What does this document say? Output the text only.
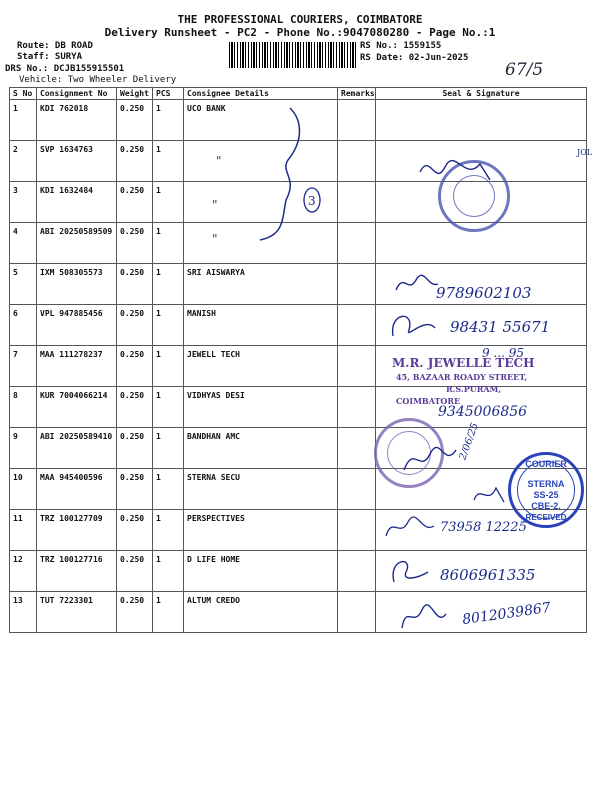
THE PROFESSIONAL COURIERS, COIMBATORE
Delivery Runsheet - PC2 - Phone No.:9047080280 - Page No.:1
Route: DB ROAD
Staff: SURYA
DRS No.: DCJB155915501
Vehicle: Two Wheeler Delivery
RS No.: 1559155
RS Date: 02-Jun-2025
67/5
S No	Consignment No	Weight	PCS	Consignee Details	Remarks	Seal & Signature
1	KDI 762018	0.250	1	UCO BANK		
2	SVP 1634763	0.250	1			
3	KDI 1632484	0.250	1			
4	ABI 20250589509	0.250	1			
5	IXM 508305573	0.250	1	SRI AISWARYA		
6	VPL 947885456	0.250	1	MANISH		
7	MAA 111278237	0.250	1	JEWELL TECH		
8	KUR 7004066214	0.250	1	VIDHYAS DESI		
9	ABI 20250589410	0.250	1	BANDHAN AMC		
10	MAA 945400596	0.250	1	STERNA SECU		
11	TRZ 100127709	0.250	1	PERSPECTIVES		
12	TRZ 100127716	0.250	1	D LIFE HOME		
13	TUT 7223301	0.250	1	ALTUM CREDO		
3
"
"
"
JOL
9789602103
98431 55671
M.R. JEWELLE TECH
45, BAZAAR ROADY STREET,
R.S.PURAM,
COIMBATORE
9 ... 95
9345006856
2/06/25
COURIER
STERNA
SS-25
CBE-2.
RECEIVED
73958 12225
8606961335
8012039867
